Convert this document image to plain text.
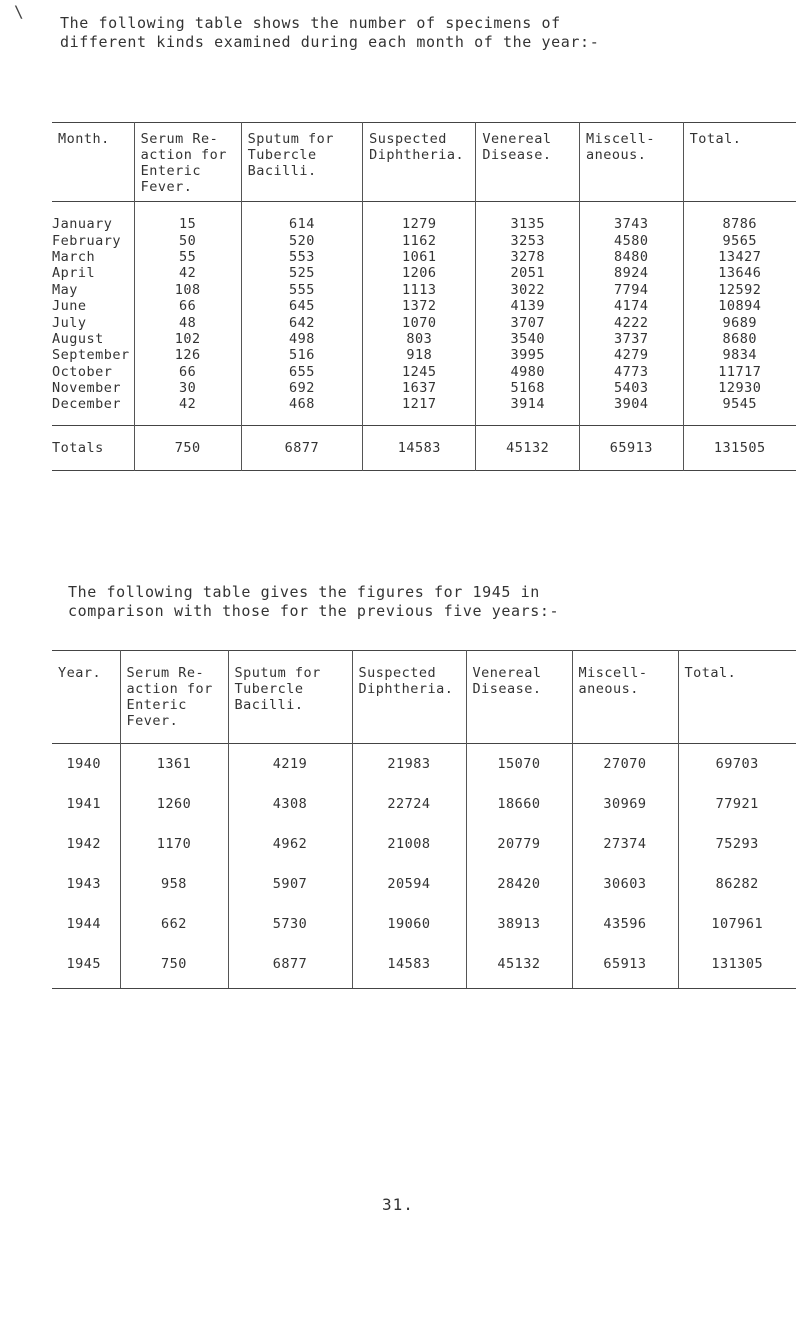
\
The following table shows the number of specimens of
different kinds examined during each month of the year:-
Month.	Serum Re-
action for
Enteric
Fever.	Sputum for
Tubercle
Bacilli.	Suspected
Diphtheria.	Venereal
Disease.	Miscell-
aneous.	Total.
January	15	614	1279	3135	3743	8786
February	50	520	1162	3253	4580	9565
March	55	553	1061	3278	8480	13427
April	42	525	1206	2051	8924	13646
May	108	555	1113	3022	7794	12592
June	66	645	1372	4139	4174	10894
July	48	642	1070	3707	4222	9689
August	102	498	803	3540	3737	8680
September	126	516	918	3995	4279	9834
October	66	655	1245	4980	4773	11717
November	30	692	1637	5168	5403	12930
December	42	468	1217	3914	3904	9545
Totals	750	6877	14583	45132	65913	131505
The following table gives the figures for 1945 in
comparison with those for the previous five years:-
Year.	Serum Re-
action for
Enteric
Fever.	Sputum for
Tubercle
Bacilli.	Suspected
Diphtheria.	Venereal
Disease.	Miscell-
aneous.	Total.
1940	1361	4219	21983	15070	27070	69703
1941	1260	4308	22724	18660	30969	77921
1942	1170	4962	21008	20779	27374	75293
1943	958	5907	20594	28420	30603	86282
1944	662	5730	19060	38913	43596	107961
1945	750	6877	14583	45132	65913	131305
31.
